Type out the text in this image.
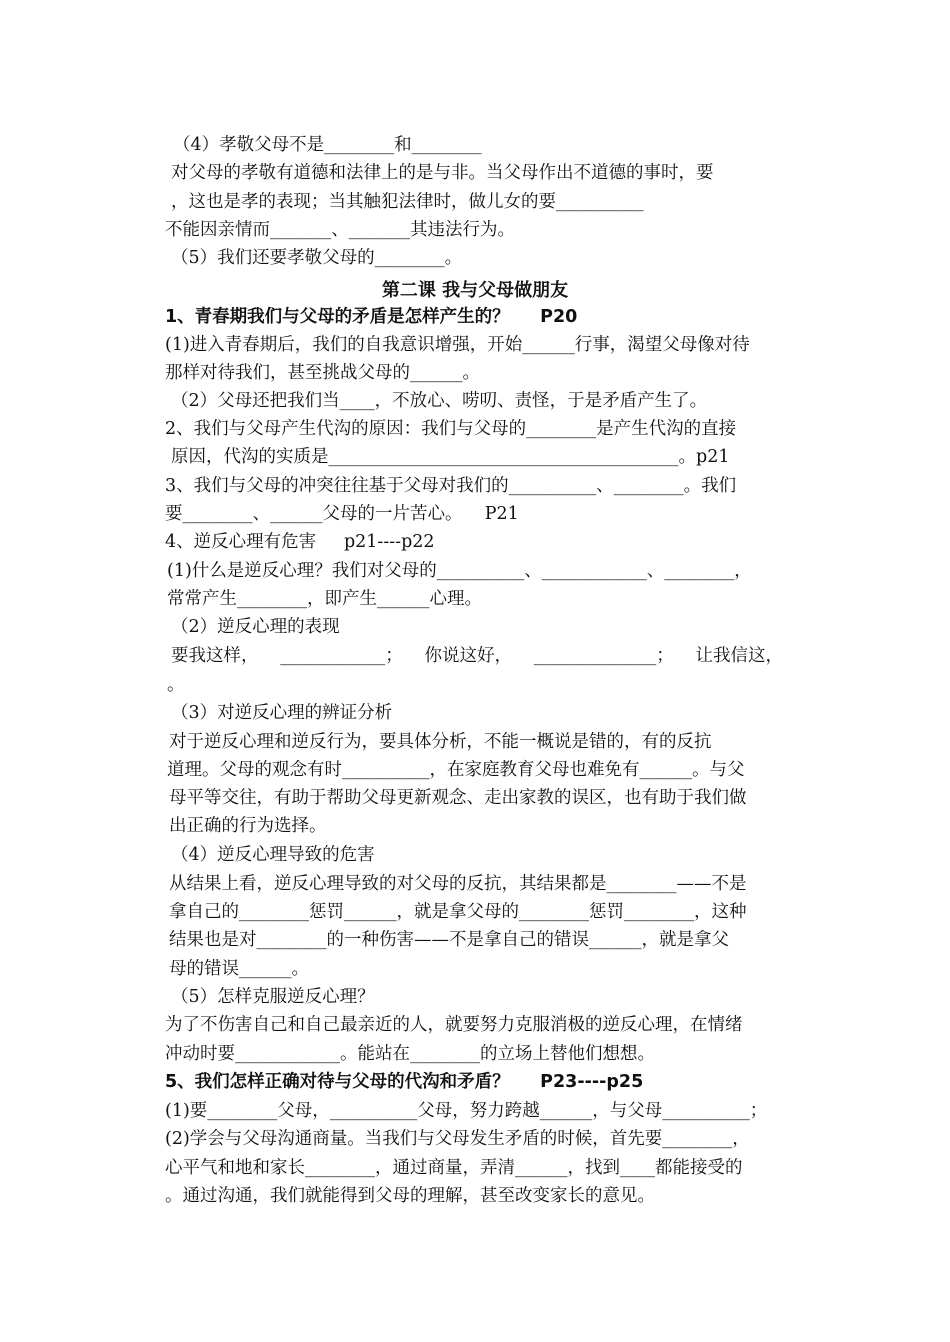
第二课 我与父母做朋友
（4）孝敬父母不是________和________
对父母的孝敬有道德和法律上的是与非。当父母作出不道德的事时，要
，这也是孝的表现；当其触犯法律时，做儿女的要__________
不能因亲情而_______、_______其违法行为。
（5）我们还要孝敬父母的________。
1、青春期我们与父母的矛盾是怎样产生的？     P20
(1)进入青春期后，我们的自我意识增强，开始______行事，渴望父母像对待
那样对待我们，甚至挑战父母的______。
（2）父母还把我们当____，不放心、唠叨、责怪，于是矛盾产生了。
2、我们与父母产生代沟的原因：我们与父母的________是产生代沟的直接
原因，代沟的实质是________________________________________。p21
3、我们与父母的冲突往往基于父母对我们的__________、________。我们
要________、______父母的一片苦心。    P21
4、逆反心理有危害     p21----p22
(1)什么是逆反心理？我们对父母的__________、____________、________，
常常产生________，即产生______心理。
（2）逆反心理的表现
要我这样， ____________； 你说这好， ______________； 让我信这，
。
（3）对逆反心理的辨证分析
对于逆反心理和逆反行为，要具体分析，不能一概说是错的，有的反抗
道理。父母的观念有时__________，在家庭教育父母也难免有______。与父
母平等交往，有助于帮助父母更新观念、走出家教的误区，也有助于我们做
出正确的行为选择。
（4）逆反心理导致的危害
从结果上看，逆反心理导致的对父母的反抗，其结果都是________——不是
拿自己的________惩罚______，就是拿父母的________惩罚________，这种
结果也是对________的一种伤害——不是拿自己的错误______，就是拿父
母的错误______。
（5）怎样克服逆反心理？
为了不伤害自己和自己最亲近的人，就要努力克服消极的逆反心理，在情绪
冲动时要____________。能站在________的立场上替他们想想。
5、我们怎样正确对待与父母的代沟和矛盾？     P23----p25
(1)要________父母，__________父母，努力跨越______，与父母__________；
(2)学会与父母沟通商量。当我们与父母发生矛盾的时候，首先要________，
心平气和地和家长________，通过商量，弄清______，找到____都能接受的
。通过沟通，我们就能得到父母的理解，甚至改变家长的意见。
